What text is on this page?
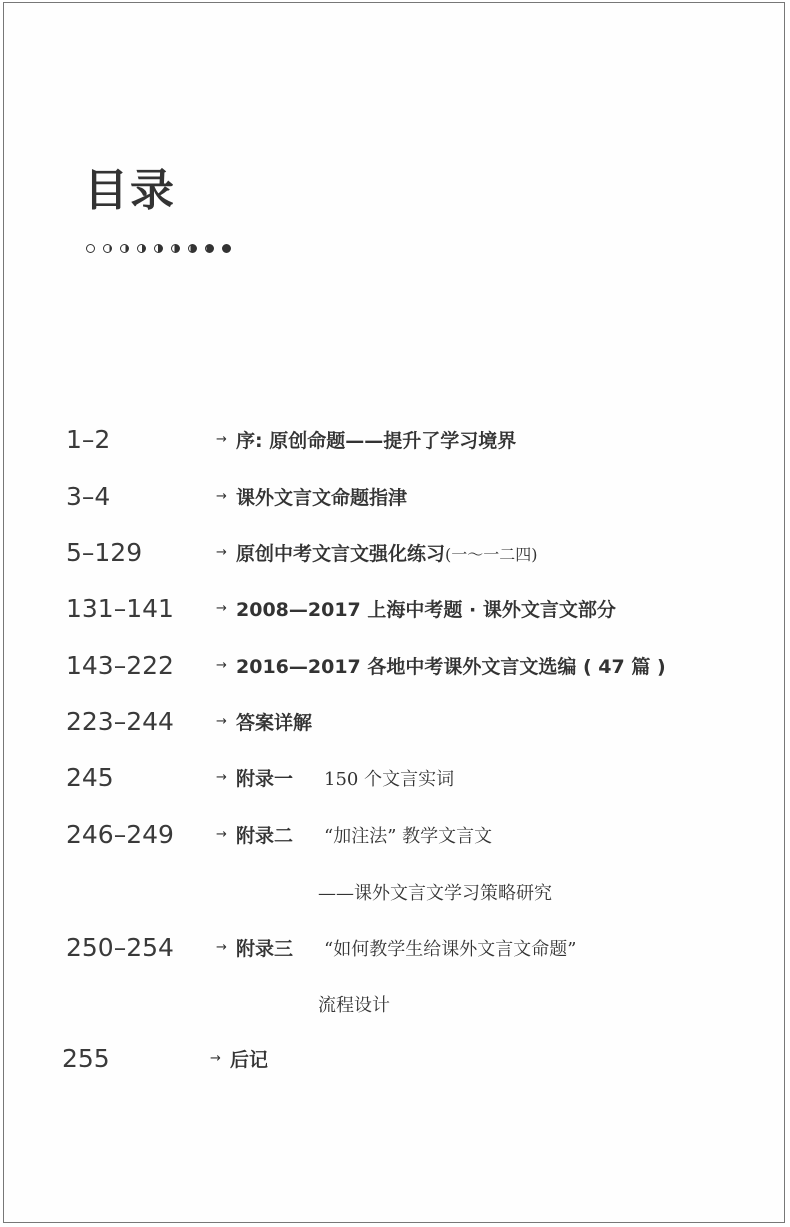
目录
1–2	→ 序: 原创命题——提升了学习境界
3–4	→ 课外文言文命题指津
5–129	→ 原创中考文言文强化练习(一～一二四)
131–141	→ 2008—2017 上海中考题 · 课外文言文部分
143–222	→ 2016—2017 各地中考课外文言文选编 ( 47 篇 )
223–244	→ 答案详解
245	→ 附录一 150 个文言实词
246–249	→ 附录二 “加注法” 教学文言文
——课外文言文学习策略研究
250–254	→ 附录三 “如何教学生给课外文言文命题”
流程设计
255	→ 后记
